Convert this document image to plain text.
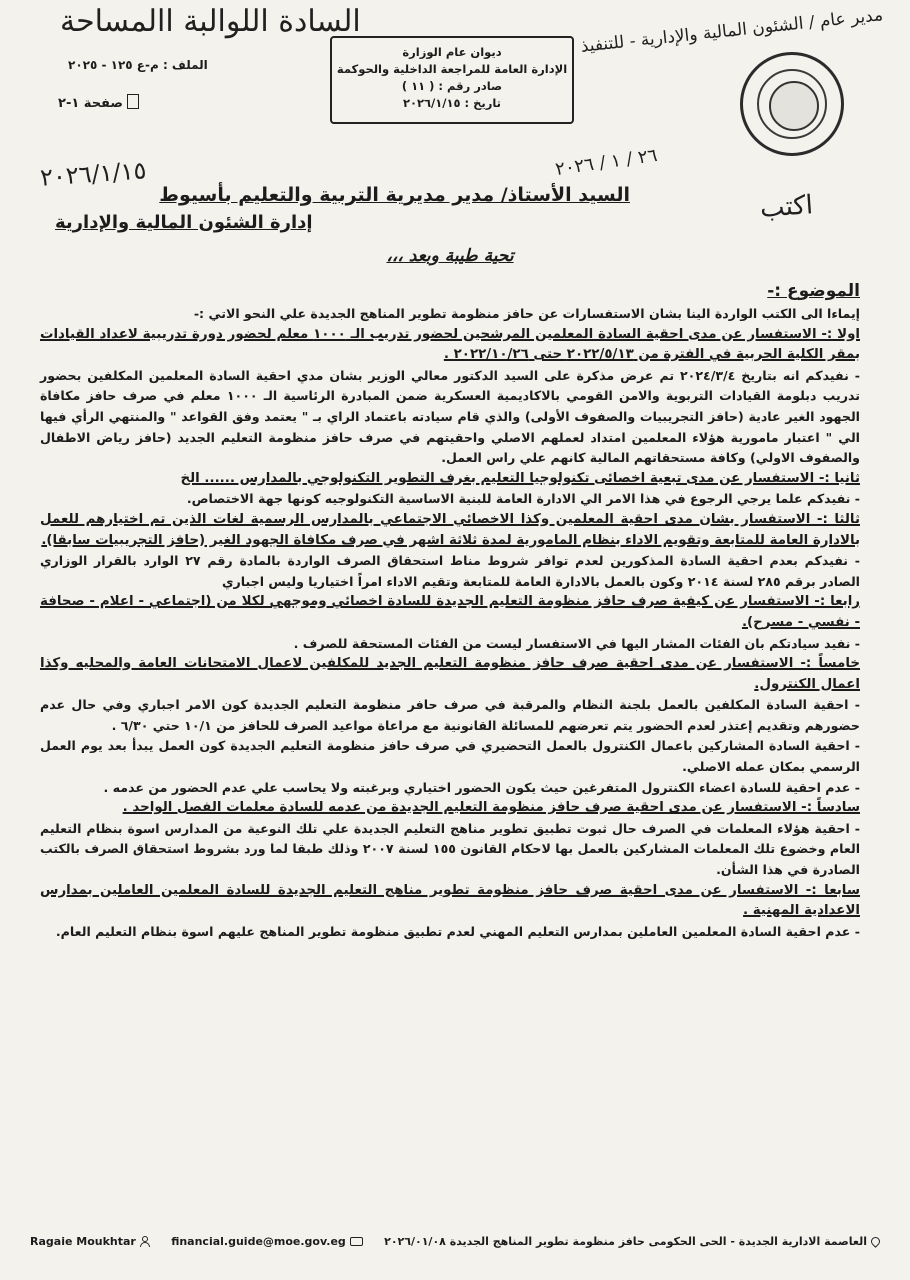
ﺍﻟﺴﺎﺩﺓ ﺍﻟﻠﻮﺍﻟﺒﺔ ﺍﺍﻟﻤﺴﺎﺣﺔ	مدير عام / الشئون المالية والإدارية - للتنفيذ
٢٦ / ١ / ٢٠٢٦
٢٠٢٦/١/١٥
اكتب
ديوان عام الوزارة
الإدارة العامة للمراجعة الداخلية والحوكمة
صادر رقم : ( ١١ )
تاريخ : ٢٠٢٦/١/١٥
الملف : م-ع ١٢٥ - ٢٠٢٥
صفحة ١-٢
السيد الأستاذ/ مدير مديرية التربية والتعليم بأسيوط
إدارة الشئون المالية والإدارية
تحية طيبة وبعد ،،،

الموضوع :-

إيماءا الى الكتب الواردة الينا بشان الاستفسارات عن حافز منظومة تطوير المناهج الجديدة علي النحو الاتي :-

اولا :- الاستفسار عن مدى احقية السادة المعلمين المرشحين لحضور تدريب الـ ١٠٠٠ معلم لحضور دورة تدريبية لاعداد القيادات بمقر الكلية الحربية في الفترة من ٢٠٢٢/٥/١٣ حتى ٢٠٢٢/١٠/٢٦ .

- نفيدكم انه بتاريخ ٢٠٢٤/٣/٤ تم عرض مذكرة على السيد الدكتور معالي الوزير بشان مدي احقية السادة المعلمين المكلفين بحضور تدريب دبلومة القيادات التربوية والامن القومي بالاكاديمية العسكرية ضمن المبادرة الرئاسية الـ ١٠٠٠ معلم في صرف حافز مكافاة الجهود الغير عادية (حافز التجريبيات والصفوف الأولى) والذي قام سيادته باعتماد الراي بـ " يعتمد وفق القواعد " والمنتهي الرأي فيها الي " اعتبار مامورية هؤلاء المعلمين امتداد لعملهم الاصلي واحقيتهم في صرف حافز منظومة التعليم الجديد (حافز رياض الاطفال والصفوف الاولي) وكافة مستحقاتهم المالية كانهم علي راس العمل.

ثانيا :- الاستفسار عن مدى تبعية اخصائى تكنولوجيا التعليم بغرف التطوير التكنولوجي بالمدارس ...... الخ

- نفيدكم علما يرجي الرجوع في هذا الامر الي الادارة العامة للبنية الاساسية التكنولوجيه كونها جهة الاختصاص.

ثالثا :- الاستفسار بشان مدى احقية المعلمين وكذا الاخصائي الاجتماعي بالمدارس الرسمية لغات الذين تم اختيارهم للعمل بالادارة العامة للمتابعة وتقويم الاداء بنظام المامورية لمدة ثلاثة اشهر في صرف مكافاة الجهود الغير (حافز التجريبيات سابقا).

- نفيدكم بعدم احقية السادة المذكورين لعدم توافر شروط مناط استحقاق الصرف الواردة بالمادة رقم ٢٧ الوارد بالقرار الوزاري الصادر برقم ٢٨٥ لسنة ٢٠١٤ وكون بالعمل بالادارة العامة للمتابعة وتقيم الاداء امراً اختياريا وليس اجباري

رابعا :- الاستفسار عن كيفية صرف حافز منظومة التعليم الجديدة للسادة اخصائي وموجهي لكلا من (اجتماعي - اعلام - صحافة - نفسي - مسرح).

- نفيد سيادتكم بان الفئات المشار اليها في الاستفسار ليست من الفئات المستحقة للصرف .

خامساً :- الاستفسار عن مدى احقية صرف حافز منظومة التعليم الجديد للمكلفين لاعمال الامتحانات العامة والمحليه وكذا اعمال الكنترول.

- احقية السادة المكلفين بالعمل بلجنة النظام والمرقبة في صرف حافر منظومة التعليم الجديدة كون الامر اجباري وفي حال عدم حضورهم وتقديم إعتذر لعدم الحضور يتم تعرضهم للمسائلة القانونية مع مراعاة مواعيد الصرف للحافز من ١٠/١ حتي ٦/٣٠ .

- احقية السادة المشاركين باعمال الكنترول بالعمل التحضيري في صرف حافز منظومة التعليم الجديدة كون العمل يبدأ بعد يوم العمل الرسمي بمكان عمله الاصلي.

- عدم احقية للسادة اعضاء الكنترول المتفرغين حيث يكون الحضور اختياري وبرغبته ولا يحاسب علي عدم الحضور من عدمه .

سادساً :- الاستفسار عن مدى احقية صرف حافز منظومة التعليم الجديدة من عدمه للسادة معلمات الفصل الواحد .

- احقية هؤلاء المعلمات في الصرف حال ثبوت تطبيق تطوير مناهج التعليم الجديدة علي تلك النوعية من المدارس اسوة بنظام التعليم العام وخضوع تلك المعلمات المشاركين بالعمل بها لاحكام القانون ١٥٥ لسنة ٢٠٠٧ وذلك طبقا لما ورد بشروط استحقاق الصرف بالكتب الصادرة في هذا الشأن.

سابعا :- الاستفسار عن مدى احقية صرف حافز منظومة تطوير مناهج التعليم الجديدة للسادة المعلمين العاملين بمدارس الاعدادية المهنية .

- عدم احقية السادة المعلمين العاملين بمدارس التعليم المهني لعدم تطبيق منظومة تطوير المناهج عليهم اسوة بنظام التعليم العام.

العاصمة الادارية الجديدة - الحى الحكومى حافز منظومة تطوير المناهج الجديدة ٢٠٢٦/٠١/٠٨
financial.guide@moe.gov.eg
Ragaie Moukhtar
